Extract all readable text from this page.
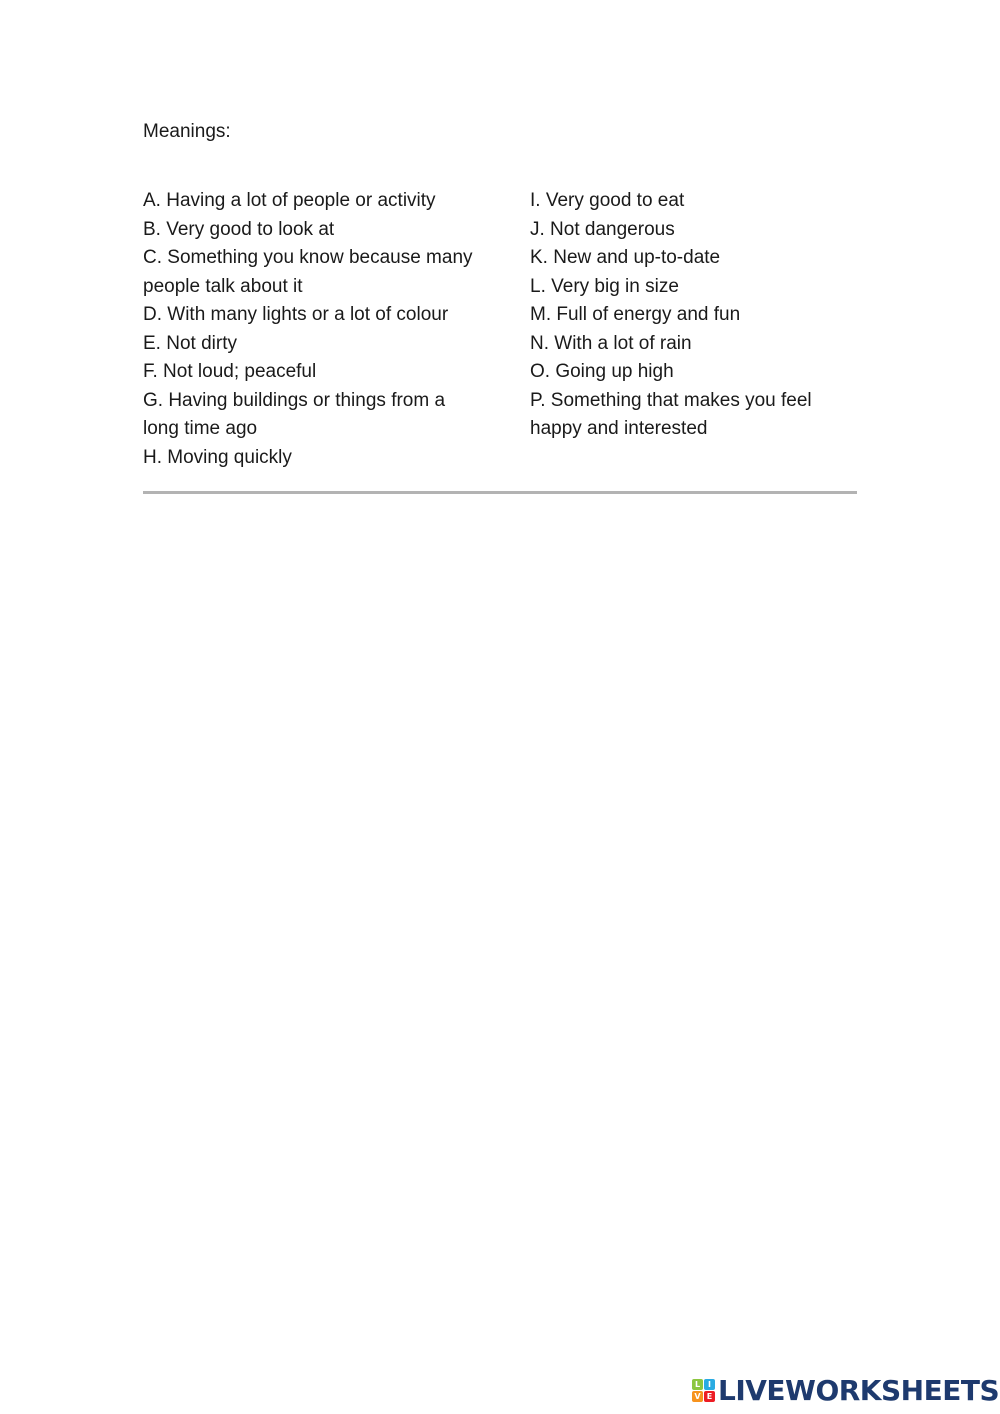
Meanings:
A. Having a lot of people or activity
B. Very good to look at
C. Something you know because many people talk about it
D. With many lights or a lot of colour
E. Not dirty
F. Not loud; peaceful
G. Having buildings or things from a long time ago
H. Moving quickly
I. Very good to eat
J. Not dangerous
K. New and up-to-date
L. Very big in size
M. Full of energy and fun
N. With a lot of rain
O. Going up high
P. Something that makes you feel happy and interested
L I
V E LIVEWORKSHEETS
